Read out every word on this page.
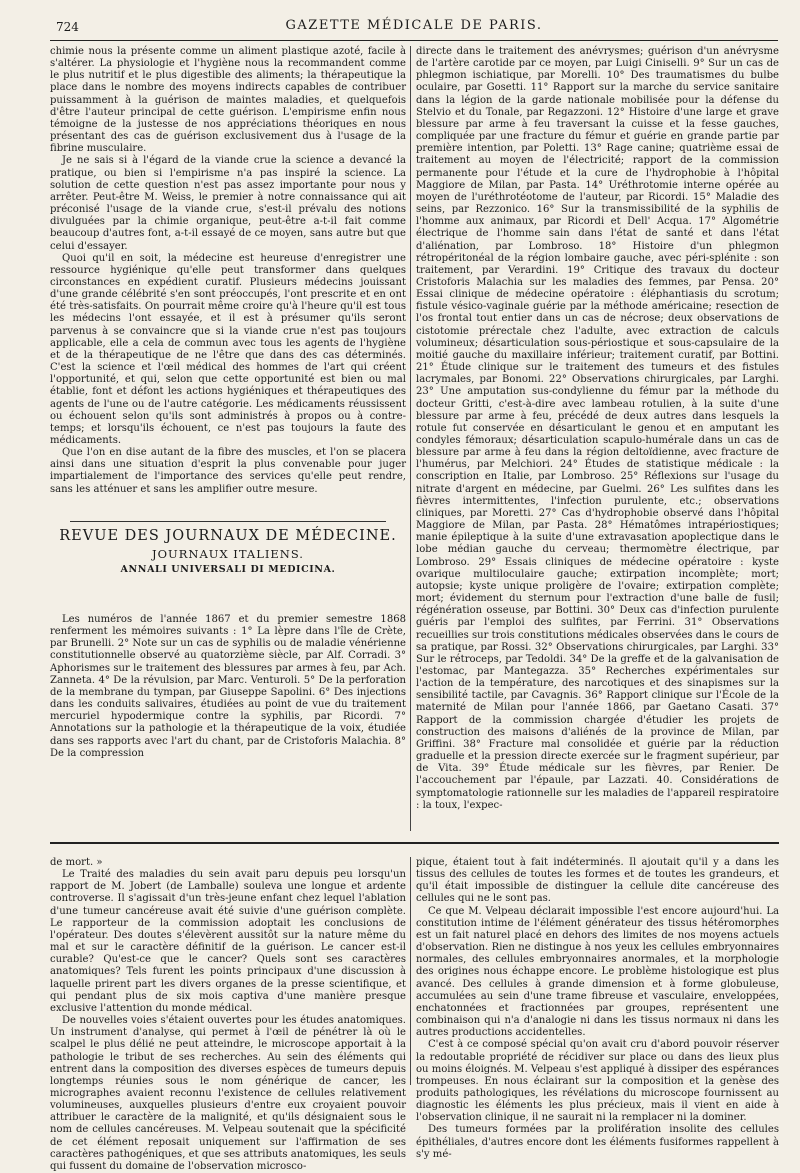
724	GAZETTE MÉDICALE DE PARIS.

chimie nous la présente comme un aliment plastique azoté, facile à s'altérer. La physiologie et l'hygiène nous la recommandent comme le plus nutritif et le plus digestible des aliments; la thérapeutique la place dans le nombre des moyens indirects capables de contribuer puissamment à la guérison de maintes maladies, et quelquefois d'être l'auteur principal de cette guérison. L'empirisme enfin nous témoigne de la justesse de nos appréciations théoriques en nous présentant des cas de guérison exclusivement dus à l'usage de la fibrine musculaire.

Je ne sais si à l'égard de la viande crue la science a devancé la pratique, ou bien si l'empirisme n'a pas inspiré la science. La solution de cette question n'est pas assez importante pour nous y arrêter. Peut-être M. Weiss, le premier à notre connaissance qui ait préconisé l'usage de la viande crue, s'est-il prévalu des notions divulguées par la chimie organique, peut-être a-t-il fait comme beaucoup d'autres font, a-t-il essayé de ce moyen, sans autre but que celui d'essayer.

Quoi qu'il en soit, la médecine est heureuse d'enregistrer une ressource hygiénique qu'elle peut transformer dans quelques circonstances en expédient curatif. Plusieurs médecins jouissant d'une grande célébrité s'en sont préoccupés, l'ont prescrite et en ont été très-satisfaits. On pourrait même croire qu'à l'heure qu'il est tous les médecins l'ont essayée, et il est à présumer qu'ils seront parvenus à se convaincre que si la viande crue n'est pas toujours applicable, elle a cela de commun avec tous les agents de l'hygiène et de la thérapeutique de ne l'être que dans des cas déterminés. C'est la science et l'œil médical des hommes de l'art qui créent l'opportunité, et qui, selon que cette opportunité est bien ou mal établie, font et défont les actions hygiéniques et thérapeutiques des agents de l'une ou de l'autre catégorie. Les médicaments réussissent ou échouent selon qu'ils sont administrés à propos ou à contre-temps; et lorsqu'ils échouent, ce n'est pas toujours la faute des médicaments.

Que l'on en dise autant de la fibre des muscles, et l'on se placera ainsi dans une situation d'esprit la plus convenable pour juger impartialement de l'importance des services qu'elle peut rendre, sans les atténuer et sans les amplifier outre mesure.

REVUE DES JOURNAUX DE MÉDECINE.
JOURNAUX ITALIENS.
ANNALI UNIVERSALI DI MEDICINA.

Les numéros de l'année 1867 et du premier semestre 1868 renferment les mémoires suivants : 1° La lèpre dans l'île de Crète, par Brunelli. 2° Note sur un cas de syphilis ou de maladie vénérienne constitutionnelle observé au quatorzième siècle, par Alf. Corradi. 3° Aphorismes sur le traitement des blessures par armes à feu, par Ach. Zanneta. 4° De la révulsion, par Marc. Venturoli. 5° De la perforation de la membrane du tympan, par Giuseppe Sapolini. 6° Des injections dans les conduits salivaires, étudiées au point de vue du traitement mercuriel hypodermique contre la syphilis, par Ricordi. 7° Annotations sur la pathologie et la thérapeutique de la voix, étudiée dans ses rapports avec l'art du chant, par de Cristoforis Malachia. 8° De la compression

directe dans le traitement des anévrysmes; guérison d'un anévrysme de l'artère carotide par ce moyen, par Luigi Ciniselli. 9° Sur un cas de phlegmon ischiatique, par Morelli. 10° Des traumatismes du bulbe oculaire, par Gosetti. 11° Rapport sur la marche du service sanitaire dans la légion de la garde nationale mobilisée pour la défense du Stelvio et du Tonale, par Regazzoni. 12° Histoire d'une large et grave blessure par arme à feu traversant la cuisse et la fesse gauches, compliquée par une fracture du fémur et guérie en grande partie par première intention, par Poletti. 13° Rage canine; quatrième essai de traitement au moyen de l'électricité; rapport de la commission permanente pour l'étude et la cure de l'hydrophobie à l'hôpital Maggiore de Milan, par Pasta. 14° Uréthrotomie interne opérée au moyen de l'uréthrotéotome de l'auteur, par Ricordi. 15° Maladie des seins, par Rezzonico. 16° Sur la transmissibilité de la syphilis de l'homme aux animaux, par Ricordi et Dell' Acqua. 17° Algométrie électrique de l'homme sain dans l'état de santé et dans l'état d'aliénation, par Lombroso. 18° Histoire d'un phlegmon rétropéritonéal de la région lombaire gauche, avec péri-splénite : son traitement, par Verardini. 19° Critique des travaux du docteur Cristoforis Malachia sur les maladies des femmes, par Pensa. 20° Essai clinique de médecine opératoire : éléphantiasis du scrotum; fistule vésico-vaginale guérie par la méthode américaine; resection de l'os frontal tout entier dans un cas de nécrose; deux observations de cistotomie prérectale chez l'adulte, avec extraction de calculs volumineux; désarticulation sous-périostique et sous-capsulaire de la moitié gauche du maxillaire inférieur; traitement curatif, par Bottini. 21° Étude clinique sur le traitement des tumeurs et des fistules lacrymales, par Bonomi. 22° Observations chirurgicales, par Larghi. 23° Une amputation sus-condylienne du fémur par la méthode du docteur Gritti, c'est-à-dire avec lambeau rotulien, à la suite d'une blessure par arme à feu, précédé de deux autres dans lesquels la rotule fut conservée en désarticulant le genou et en amputant les condyles fémoraux; désarticulation scapulo-humérale dans un cas de blessure par arme à feu dans la région deltoïdienne, avec fracture de l'humérus, par Melchiori. 24° Études de statistique médicale : la conscription en Italie, par Lombroso. 25° Réflexions sur l'usage du nitrate d'argent en médecine, par Guelmi. 26° Les sulfites dans les fièvres intermittentes, l'infection purulente, etc.; observations cliniques, par Moretti. 27° Cas d'hydrophobie observé dans l'hôpital Maggiore de Milan, par Pasta. 28° Hématômes intrapériostiques; manie épileptique à la suite d'une extravasation apoplectique dans le lobe médian gauche du cerveau; thermomètre électrique, par Lombroso. 29° Essais cliniques de médecine opératoire : kyste ovarique multiloculaire gauche; extirpation incomplète; mort; autopsie; kyste unique proligère de l'ovaire; extirpation complète; mort; évidement du sternum pour l'extraction d'une balle de fusil; régénération osseuse, par Bottini. 30° Deux cas d'infection purulente guéris par l'emploi des sulfites, par Ferrini. 31° Observations recueillies sur trois constitutions médicales observées dans le cours de sa pratique, par Rossi. 32° Observations chirurgicales, par Larghi. 33° Sur le rétroceps, par Tedoldi. 34° De la greffe et de la galvanisation de l'estomac, par Mantegazza. 35° Recherches expérimentales sur l'action de la température, des narcotiques et des sinapismes sur la sensibilité tactile, par Cavagnis. 36° Rapport clinique sur l'École de la maternité de Milan pour l'année 1866, par Gaetano Casati. 37° Rapport de la commission chargée d'étudier les projets de construction des maisons d'aliénés de la province de Milan, par Griffini. 38° Fracture mal consolidée et guérie par la réduction graduelle et la pression directe exercée sur le fragment supérieur, par de Vita. 39° Étude médicale sur les fièvres, par Renier. De l'accouchement par l'épaule, par Lazzati. 40. Considérations de symptomatologie rationnelle sur les maladies de l'appareil respiratoire : la toux, l'expec-

de mort. »

Le Traité des maladies du sein avait paru depuis peu lorsqu'un rapport de M. Jobert (de Lamballe) souleva une longue et ardente controverse. Il s'agissait d'un très-jeune enfant chez lequel l'ablation d'une tumeur cancéreuse avait été suivie d'une guérison complète. Le rapporteur de la commission adoptait les conclusions de l'opérateur. Des doutes s'élevèrent aussitôt sur la nature même du mal et sur le caractère définitif de la guérison. Le cancer est-il curable? Qu'est-ce que le cancer? Quels sont ses caractères anatomiques? Tels furent les points principaux d'une discussion à laquelle prirent part les divers organes de la presse scientifique, et qui pendant plus de six mois captiva d'une manière presque exclusive l'attention du monde médical.

De nouvelles voies s'étaient ouvertes pour les études anatomiques. Un instrument d'analyse, qui permet à l'œil de pénétrer là où le scalpel le plus délié ne peut atteindre, le microscope apportait à la pathologie le tribut de ses recherches. Au sein des éléments qui entrent dans la composition des diverses espèces de tumeurs depuis longtemps réunies sous le nom générique de cancer, les micrographes avaient reconnu l'existence de cellules relativement volumineuses, auxquelles plusieurs d'entre eux croyaient pouvoir attribuer le caractère de la malignité, et qu'ils désignaient sous le nom de cellules cancéreuses. M. Velpeau soutenait que la spécificité de cet élément reposait uniquement sur l'affirmation de ses caractères pathogéniques, et que ses attributs anatomiques, les seuls qui fussent du domaine de l'observation microsco-

pique, étaient tout à fait indéterminés. Il ajoutait qu'il y a dans les tissus des cellules de toutes les formes et de toutes les grandeurs, et qu'il était impossible de distinguer la cellule dite cancéreuse des cellules qui ne le sont pas.

Ce que M. Velpeau déclarait impossible l'est encore aujourd'hui. La constitution intime de l'élément générateur des tissus hétéromorphes est un fait naturel placé en dehors des limites de nos moyens actuels d'observation. Rien ne distingue à nos yeux les cellules embryonnaires normales, des cellules embryonnaires anormales, et la morphologie des origines nous échappe encore. Le problème histologique est plus avancé. Des cellules à grande dimension et à forme globuleuse, accumulées au sein d'une trame fibreuse et vasculaire, enveloppées, enchatonnées et fractionnées par groupes, représentent une combinaison qui n'a d'analogie ni dans les tissus normaux ni dans les autres productions accidentelles.

C'est à ce composé spécial qu'on avait cru d'abord pouvoir réserver la redoutable propriété de récidiver sur place ou dans des lieux plus ou moins éloignés. M. Velpeau s'est appliqué à dissiper des espérances trompeuses. En nous éclairant sur la composition et la genèse des produits pathologiques, les révélations du microscope fournissent au diagnostic les éléments les plus précieux, mais il vient en aide à l'observation clinique, il ne saurait ni la remplacer ni la dominer.

Des tumeurs formées par la prolifération insolite des cellules épithéliales, d'autres encore dont les éléments fusiformes rappellent à s'y mé-
